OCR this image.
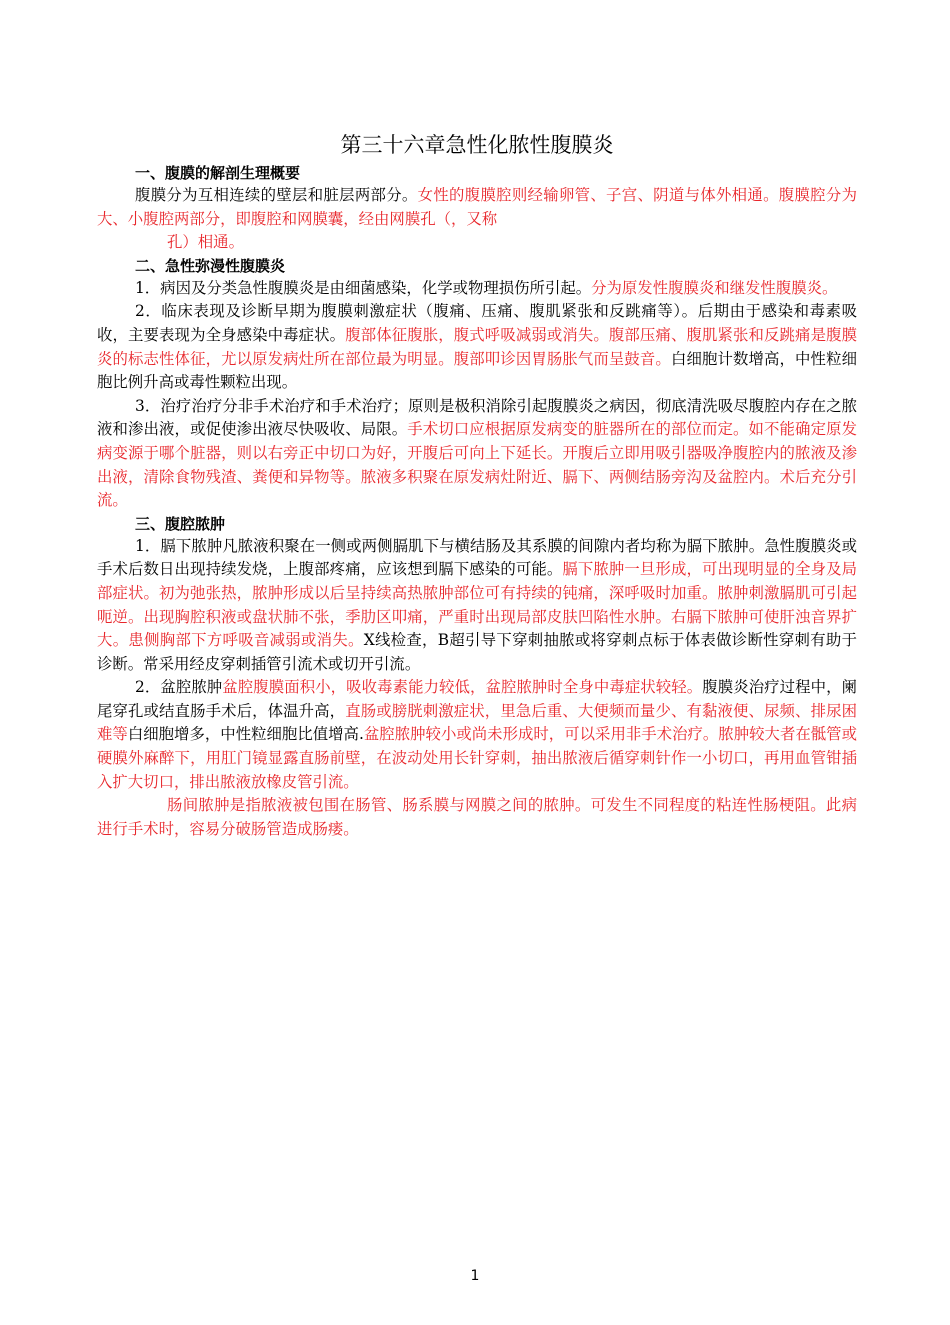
第三十六章急性化脓性腹膜炎
一、腹膜的解剖生理概要

腹膜分为互相连续的壁层和脏层两部分。女性的腹膜腔则经输卵管、子宫、阴道与体外相通。腹膜腔分为大、小腹腔两部分，即腹腔和网膜囊，经由网膜孔（，又称
孔）相通。

二、急性弥漫性腹膜炎

1．病因及分类急性腹膜炎是由细菌感染，化学或物理损伤所引起。分为原发性腹膜炎和继发性腹膜炎。

2．临床表现及诊断早期为腹膜刺激症状（腹痛、压痛、腹肌紧张和反跳痛等）。后期由于感染和毒素吸收，主要表现为全身感染中毒症状。腹部体征腹胀，腹式呼吸减弱或消失。腹部压痛、腹肌紧张和反跳痛是腹膜炎的标志性体征，尤以原发病灶所在部位最为明显。腹部叩诊因胃肠胀气而呈鼓音。白细胞计数增高，中性粒细胞比例升高或毒性颗粒出现。

3．治疗治疗分非手术治疗和手术治疗；原则是极积消除引起腹膜炎之病因，彻底清洗吸尽腹腔内存在之脓液和渗出液，或促使渗出液尽快吸收、局限。手术切口应根据原发病变的脏器所在的部位而定。如不能确定原发病变源于哪个脏器，则以右旁正中切口为好，开腹后可向上下延长。开腹后立即用吸引器吸净腹腔内的脓液及渗出液，清除食物残渣、粪便和异物等。脓液多积聚在原发病灶附近、膈下、两侧结肠旁沟及盆腔内。术后充分引流。

三、腹腔脓肿

1．膈下脓肿凡脓液积聚在一侧或两侧膈肌下与横结肠及其系膜的间隙内者均称为膈下脓肿。急性腹膜炎或手术后数日出现持续发烧，上腹部疼痛，应该想到膈下感染的可能。膈下脓肿一旦形成，可出现明显的全身及局部症状。初为弛张热，脓肿形成以后呈持续高热脓肿部位可有持续的钝痛，深呼吸时加重。脓肿刺激膈肌可引起呃逆。出现胸腔积液或盘状肺不张，季肋区叩痛，严重时出现局部皮肤凹陷性水肿。右膈下脓肿可使肝浊音界扩大。患侧胸部下方呼吸音减弱或消失。X线检查，B超引导下穿刺抽脓或将穿刺点标于体表做诊断性穿刺有助于诊断。常采用经皮穿刺插管引流术或切开引流。

2．盆腔脓肿盆腔腹膜面积小，吸收毒素能力较低，盆腔脓肿时全身中毒症状较轻。腹膜炎治疗过程中，阑尾穿孔或结直肠手术后，体温升高，直肠或膀胱刺激症状，里急后重、大便频而量少、有黏液便、尿频、排尿困难等白细胞增多，中性粒细胞比值增高.盆腔脓肿较小或尚未形成时，可以采用非手术治疗。脓肿较大者在骶管或硬膜外麻醉下，用肛门镜显露直肠前壁，在波动处用长针穿刺，抽出脓液后循穿刺针作一小切口，再用血管钳插入扩大切口，排出脓液放橡皮管引流。

肠间脓肿是指脓液被包围在肠管、肠系膜与网膜之间的脓肿。可发生不同程度的粘连性肠梗阻。此病进行手术时，容易分破肠管造成肠瘘。

1
